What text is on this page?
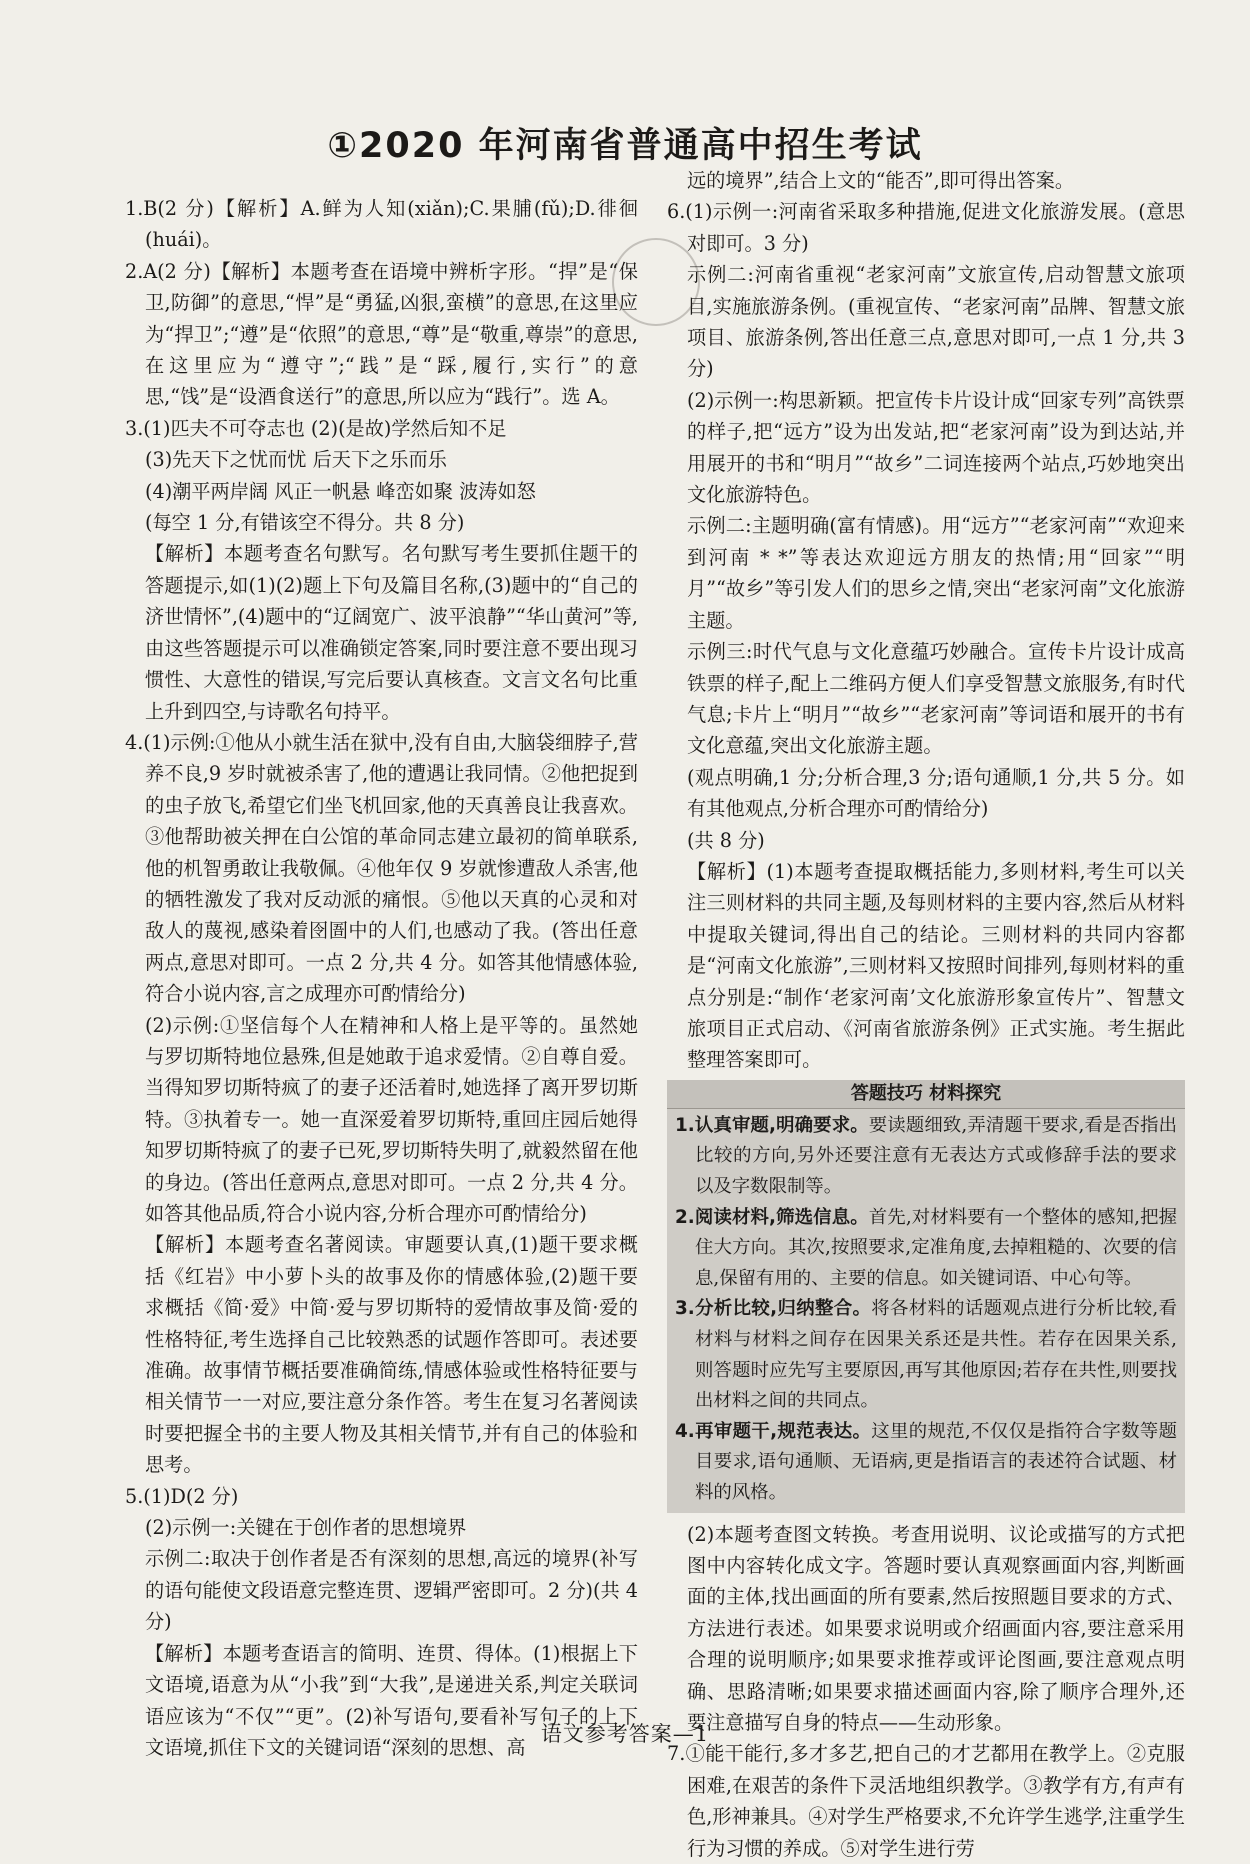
①2020 年河南省普通高中招生考试

1.B(2 分)【解析】A.鲜为人知(xiǎn);C.果脯(fǔ);D.徘徊(huái)。

2.A(2 分)【解析】本题考查在语境中辨析字形。“捍”是“保卫,防御”的意思,“悍”是“勇猛,凶狠,蛮横”的意思,在这里应为“捍卫”;“遵”是“依照”的意思,“尊”是“敬重,尊崇”的意思,在这里应为“遵守”;“践”是“踩,履行,实行”的意思,“饯”是“设酒食送行”的意思,所以应为“践行”。选 A。

3.(1)匹夫不可夺志也 (2)(是故)学然后知不足

(3)先天下之忧而忧 后天下之乐而乐

(4)潮平两岸阔 风正一帆悬 峰峦如聚 波涛如怒

(每空 1 分,有错该空不得分。共 8 分)

【解析】本题考查名句默写。名句默写考生要抓住题干的答题提示,如(1)(2)题上下句及篇目名称,(3)题中的“自己的济世情怀”,(4)题中的“辽阔宽广、波平浪静”“华山黄河”等,由这些答题提示可以准确锁定答案,同时要注意不要出现习惯性、大意性的错误,写完后要认真核查。文言文名句比重上升到四空,与诗歌名句持平。

4.(1)示例:①他从小就生活在狱中,没有自由,大脑袋细脖子,营养不良,9 岁时就被杀害了,他的遭遇让我同情。②他把捉到的虫子放飞,希望它们坐飞机回家,他的天真善良让我喜欢。③他帮助被关押在白公馆的革命同志建立最初的简单联系,他的机智勇敢让我敬佩。④他年仅 9 岁就惨遭敌人杀害,他的牺牲激发了我对反动派的痛恨。⑤他以天真的心灵和对敌人的蔑视,感染着囹圄中的人们,也感动了我。(答出任意两点,意思对即可。一点 2 分,共 4 分。如答其他情感体验,符合小说内容,言之成理亦可酌情给分)

(2)示例:①坚信每个人在精神和人格上是平等的。虽然她与罗切斯特地位悬殊,但是她敢于追求爱情。②自尊自爱。当得知罗切斯特疯了的妻子还活着时,她选择了离开罗切斯特。③执着专一。她一直深爱着罗切斯特,重回庄园后她得知罗切斯特疯了的妻子已死,罗切斯特失明了,就毅然留在他的身边。(答出任意两点,意思对即可。一点 2 分,共 4 分。如答其他品质,符合小说内容,分析合理亦可酌情给分)

【解析】本题考查名著阅读。审题要认真,(1)题干要求概括《红岩》中小萝卜头的故事及你的情感体验,(2)题干要求概括《简·爱》中简·爱与罗切斯特的爱情故事及简·爱的性格特征,考生选择自己比较熟悉的试题作答即可。表述要准确。故事情节概括要准确简练,情感体验或性格特征要与相关情节一一对应,要注意分条作答。考生在复习名著阅读时要把握全书的主要人物及其相关情节,并有自己的体验和思考。

5.(1)D(2 分)

(2)示例一:关键在于创作者的思想境界

示例二:取决于创作者是否有深刻的思想,高远的境界(补写的语句能使文段语意完整连贯、逻辑严密即可。2 分)(共 4 分)

【解析】本题考查语言的简明、连贯、得体。(1)根据上下文语境,语意为从“小我”到“大我”,是递进关系,判定关联词语应该为“不仅”“更”。(2)补写语句,要看补写句子的上下文语境,抓住下文的关键词语“深刻的思想、高

远的境界”,结合上文的“能否”,即可得出答案。

6.(1)示例一:河南省采取多种措施,促进文化旅游发展。(意思对即可。3 分)

示例二:河南省重视“老家河南”文旅宣传,启动智慧文旅项目,实施旅游条例。(重视宣传、“老家河南”品牌、智慧文旅项目、旅游条例,答出任意三点,意思对即可,一点 1 分,共 3 分)

(2)示例一:构思新颖。把宣传卡片设计成“回家专列”高铁票的样子,把“远方”设为出发站,把“老家河南”设为到达站,并用展开的书和“明月”“故乡”二词连接两个站点,巧妙地突出文化旅游特色。

示例二:主题明确(富有情感)。用“远方”“老家河南”“欢迎来到河南 * *”等表达欢迎远方朋友的热情;用“回家”“明月”“故乡”等引发人们的思乡之情,突出“老家河南”文化旅游主题。

示例三:时代气息与文化意蕴巧妙融合。宣传卡片设计成高铁票的样子,配上二维码方便人们享受智慧文旅服务,有时代气息;卡片上“明月”“故乡”“老家河南”等词语和展开的书有文化意蕴,突出文化旅游主题。

(观点明确,1 分;分析合理,3 分;语句通顺,1 分,共 5 分。如有其他观点,分析合理亦可酌情给分)

(共 8 分)

【解析】(1)本题考查提取概括能力,多则材料,考生可以关注三则材料的共同主题,及每则材料的主要内容,然后从材料中提取关键词,得出自己的结论。三则材料的共同内容都是“河南文化旅游”,三则材料又按照时间排列,每则材料的重点分别是:“制作‘老家河南’文化旅游形象宣传片”、智慧文旅项目正式启动、《河南省旅游条例》正式实施。考生据此整理答案即可。

答题技巧 材料探究

1.认真审题,明确要求。要读题细致,弄清题干要求,看是否指出比较的方向,另外还要注意有无表达方式或修辞手法的要求以及字数限制等。

2.阅读材料,筛选信息。首先,对材料要有一个整体的感知,把握住大方向。其次,按照要求,定准角度,去掉粗糙的、次要的信息,保留有用的、主要的信息。如关键词语、中心句等。

3.分析比较,归纳整合。将各材料的话题观点进行分析比较,看材料与材料之间存在因果关系还是共性。若存在因果关系,则答题时应先写主要原因,再写其他原因;若存在共性,则要找出材料之间的共同点。

4.再审题干,规范表达。这里的规范,不仅仅是指符合字数等题目要求,语句通顺、无语病,更是指语言的表述符合试题、材料的风格。

(2)本题考查图文转换。考查用说明、议论或描写的方式把图中内容转化成文字。答题时要认真观察画面内容,判断画面的主体,找出画面的所有要素,然后按照题目要求的方式、方法进行表述。如果要求说明或介绍画面内容,要注意采用合理的说明顺序;如果要求推荐或评论图画,要注意观点明确、思路清晰;如果要求描述画面内容,除了顺序合理外,还要注意描写自身的特点——生动形象。

7.①能干能行,多才多艺,把自己的才艺都用在教学上。②克服困难,在艰苦的条件下灵活地组织教学。③教学有方,有声有色,形神兼具。④对学生严格要求,不允许学生逃学,注重学生行为习惯的养成。⑤对学生进行劳

语文参考答案—1
